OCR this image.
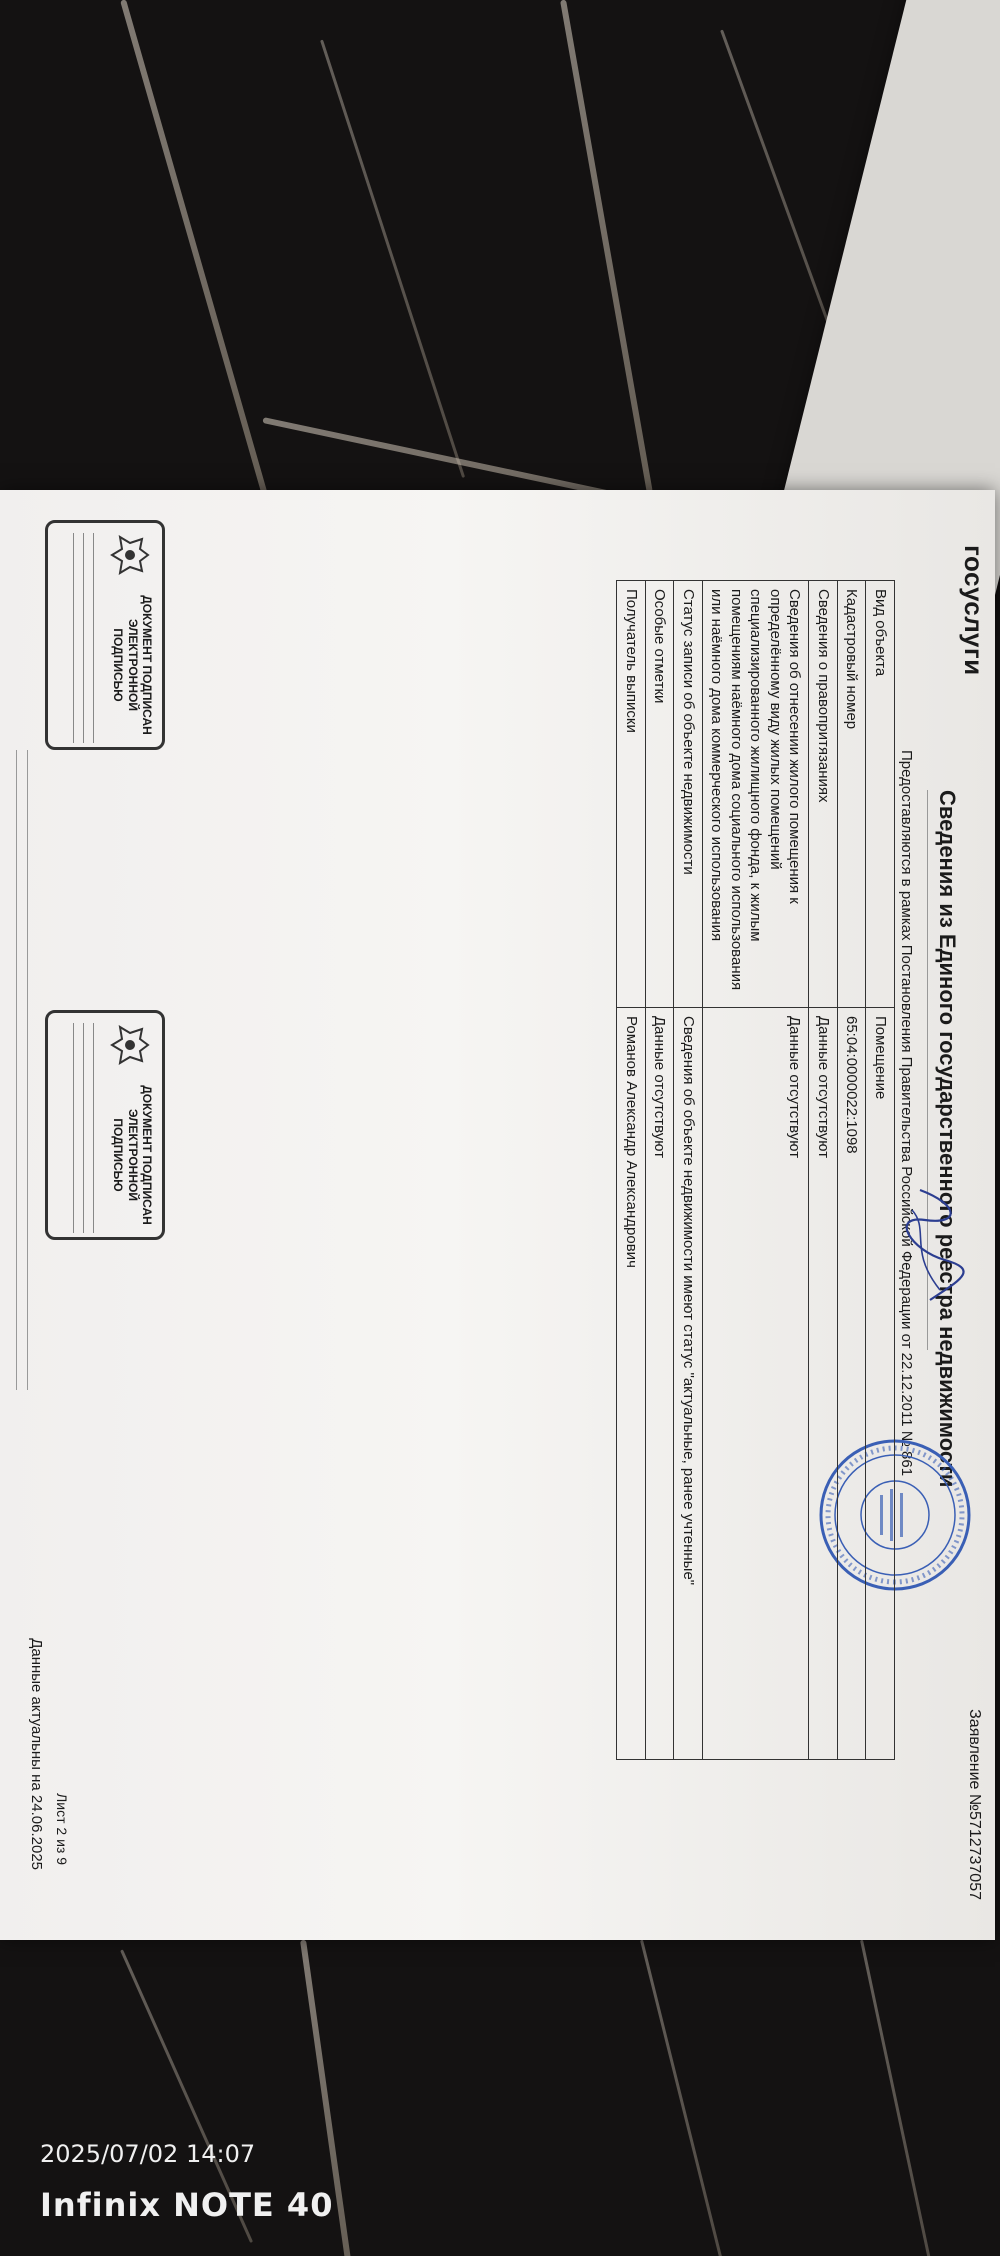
госуслуги
Заявление №5712737057
Сведения из Единого государственного реестра недвижимости
Предоставляются в рамках Постановления Правительства Российской Федерации от 22.12.2011 № 861
Вид объекта	Помещение
Кадастровый номер	65:04:0000022:1098
Сведения о правопритязаниях	Данные отсутствуют
Сведения об отнесении жилого помещения к определённому виду жилых помещений специализированного жилищного фонда, к жилым помещениям наёмного дома социального использования или наёмного дома коммерческого использования	Данные отсутствуют
Статус записи об объекте недвижимости	Сведения об объекте недвижимости имеют статус "актуальные, ранее учтенные"
Особые отметки	Данные отсутствуют
Получатель выписки	Романов Александр Александрович
ДОКУМЕНТ ПОДПИСАН ЭЛЕКТРОННОЙ ПОДПИСЬЮ
ДОКУМЕНТ ПОДПИСАН ЭЛЕКТРОННОЙ ПОДПИСЬЮ
Лист 2 из 9
Данные актуальны на 24.06.2025
2025/07/02 14:07
Infinix NOTE 40
